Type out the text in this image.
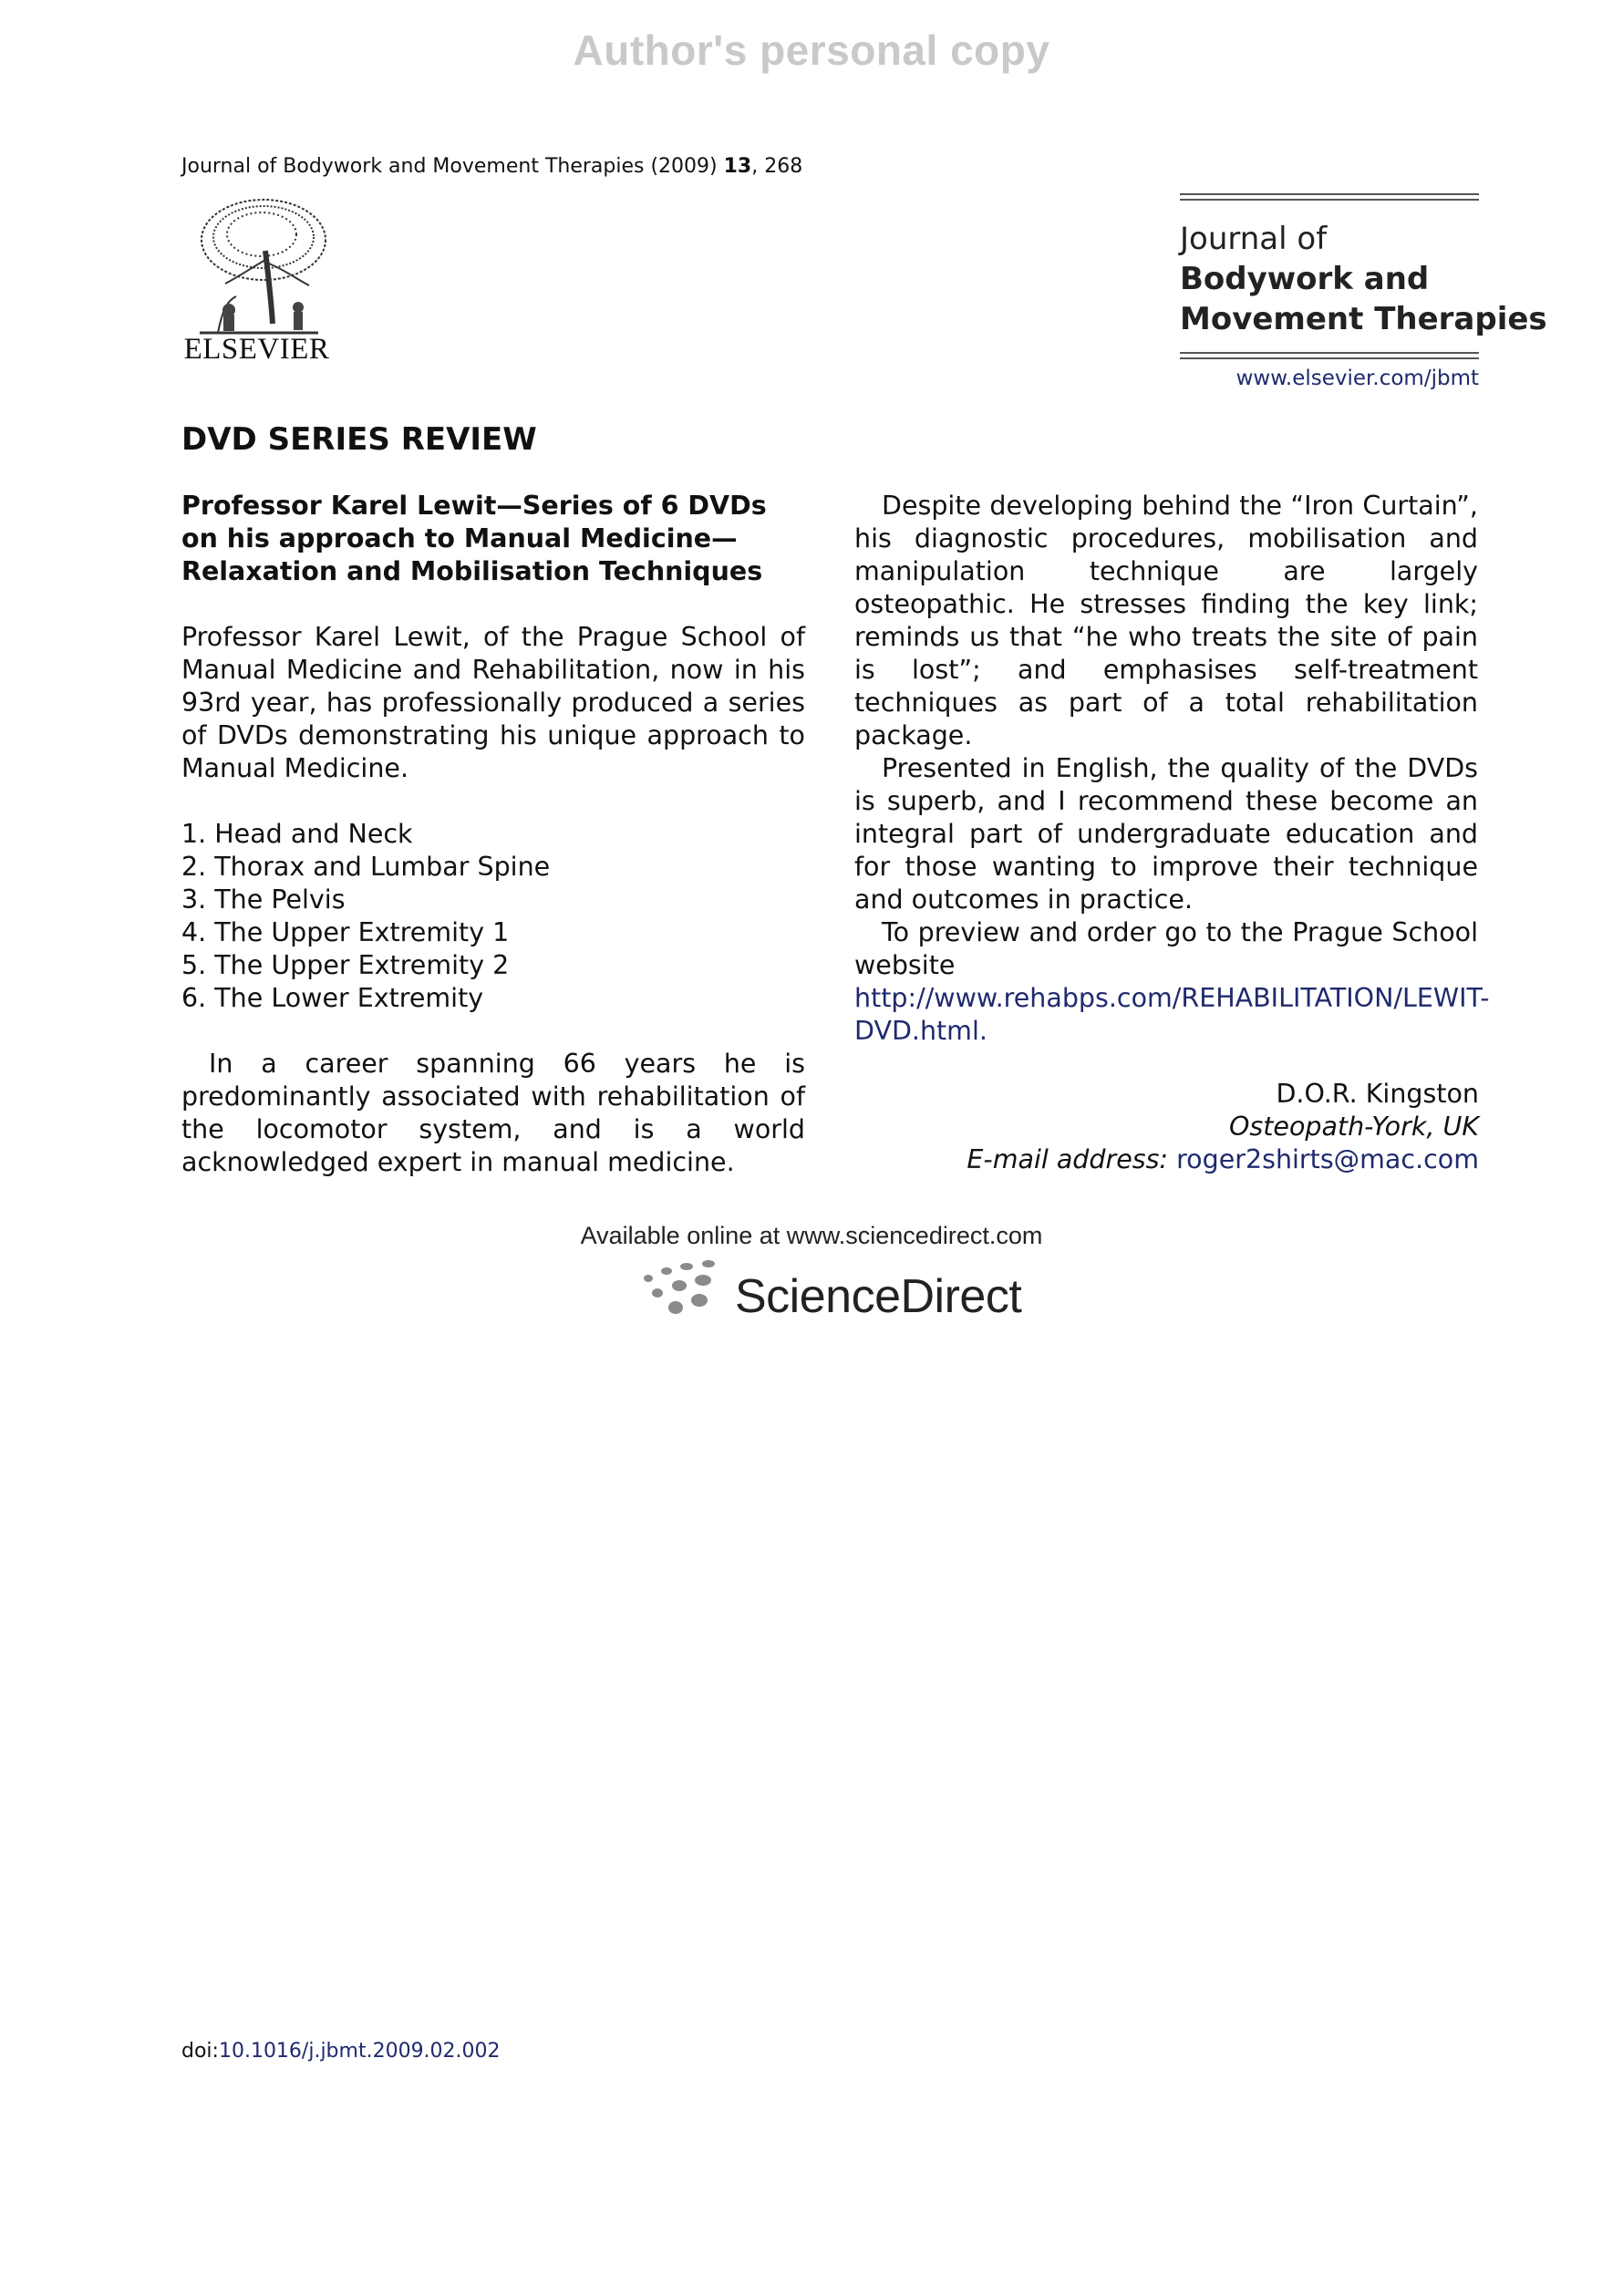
Author's personal copy
Journal of Bodywork and Movement Therapies (2009) 13, 268
ELSEVIER
Journal of
Bodywork and
Movement Therapies
www.elsevier.com/jbmt
DVD SERIES REVIEW

Professor Karel Lewit—Series of 6 DVDs on his approach to Manual Medicine—Relaxation and Mobilisation Techniques

Professor Karel Lewit, of the Prague School of Manual Medicine and Rehabilitation, now in his 93rd year, has professionally produced a series of DVDs demonstrating his unique approach to Manual Medicine.

1. Head and Neck
2. Thorax and Lumbar Spine
3. The Pelvis
4. The Upper Extremity 1
5. The Upper Extremity 2
6. The Lower Extremity

In a career spanning 66 years he is predominantly associated with rehabilitation of the locomotor system, and is a world acknowledged expert in manual medicine.

Despite developing behind the “Iron Curtain”, his diagnostic procedures, mobilisation and manipulation technique are largely osteopathic. He stresses finding the key link; reminds us that “he who treats the site of pain is lost”; and emphasises self-treatment techniques as part of a total rehabilitation package.

Presented in English, the quality of the DVDs is superb, and I recommend these become an integral part of undergraduate education and for those wanting to improve their technique and outcomes in practice.

To preview and order go to the Prague School website http://www.rehabps.com/REHABILITATION/LEWIT-DVD.html.

D.O.R. Kingston
Osteopath-York, UK
E-mail address: roger2shirts@mac.com
Available online at www.sciencedirect.com
ScienceDirect
doi:10.1016/j.jbmt.2009.02.002
